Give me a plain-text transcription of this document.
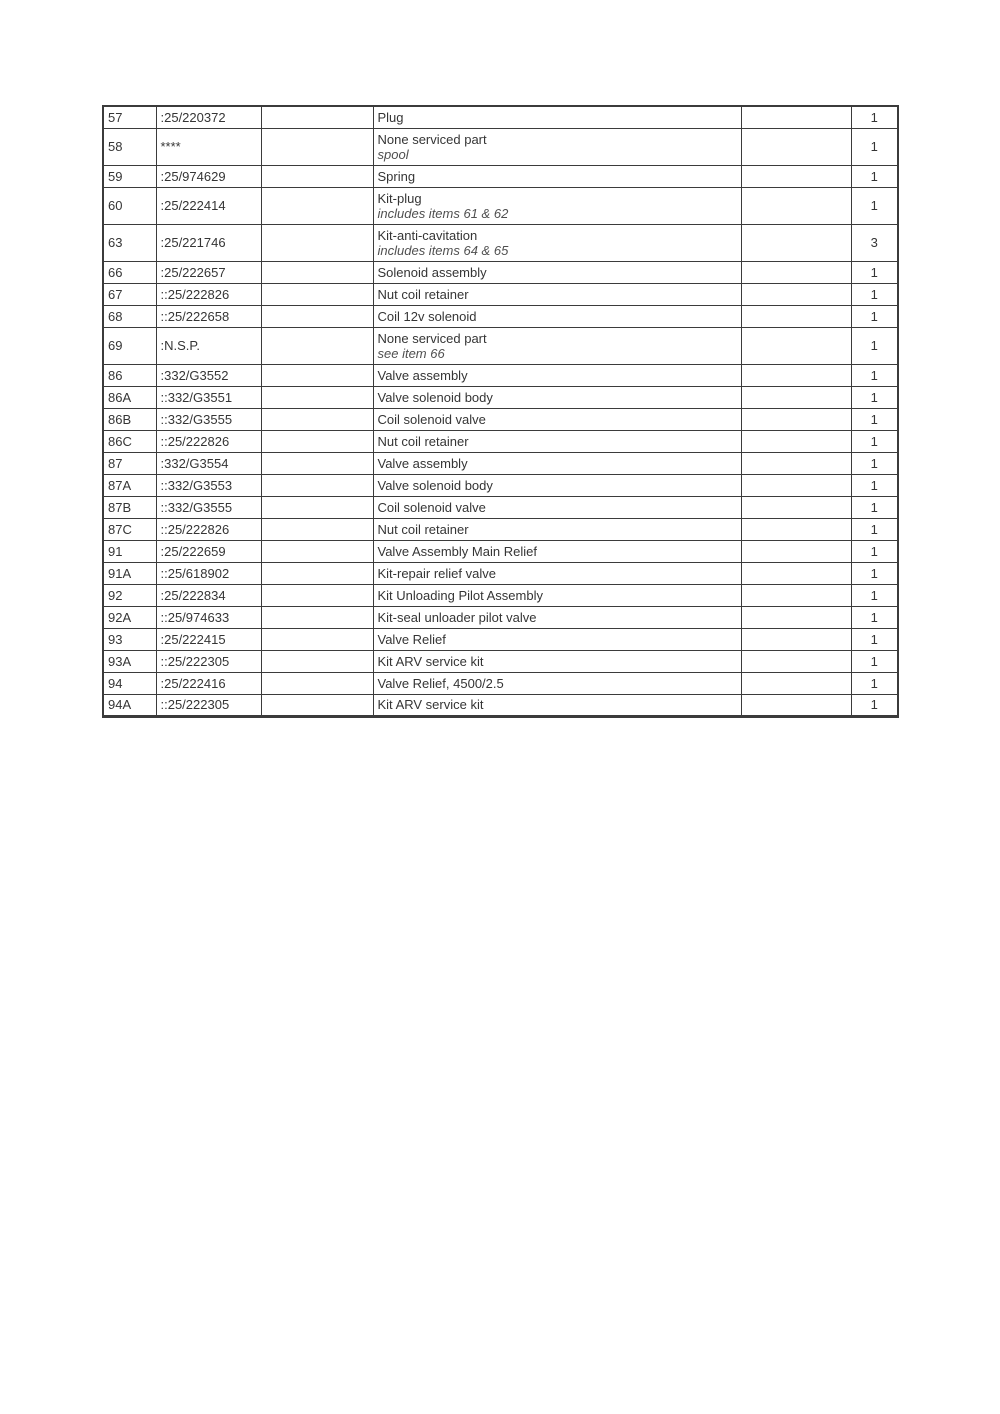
57	:25/220372		Plug		1
58	****		None serviced part
spool		1
59	:25/974629		Spring		1
60	:25/222414		Kit-plug
includes items 61 & 62		1
63	:25/221746		Kit-anti-cavitation
includes items 64 & 65		3
66	:25/222657		Solenoid assembly		1
67	::25/222826		Nut coil retainer		1
68	::25/222658		Coil 12v solenoid		1
69	:N.S.P.		None serviced part
see item 66		1
86	:332/G3552		Valve assembly		1
86A	::332/G3551		Valve solenoid body		1
86B	::332/G3555		Coil solenoid valve		1
86C	::25/222826		Nut coil retainer		1
87	:332/G3554		Valve assembly		1
87A	::332/G3553		Valve solenoid body		1
87B	::332/G3555		Coil solenoid valve		1
87C	::25/222826		Nut coil retainer		1
91	:25/222659		Valve Assembly Main Relief		1
91A	::25/618902		Kit-repair relief valve		1
92	:25/222834		Kit Unloading Pilot Assembly		1
92A	::25/974633		Kit-seal unloader pilot valve		1
93	:25/222415		Valve Relief		1
93A	::25/222305		Kit ARV service kit		1
94	:25/222416		Valve Relief, 4500/2.5		1
94A	::25/222305		Kit ARV service kit		1
